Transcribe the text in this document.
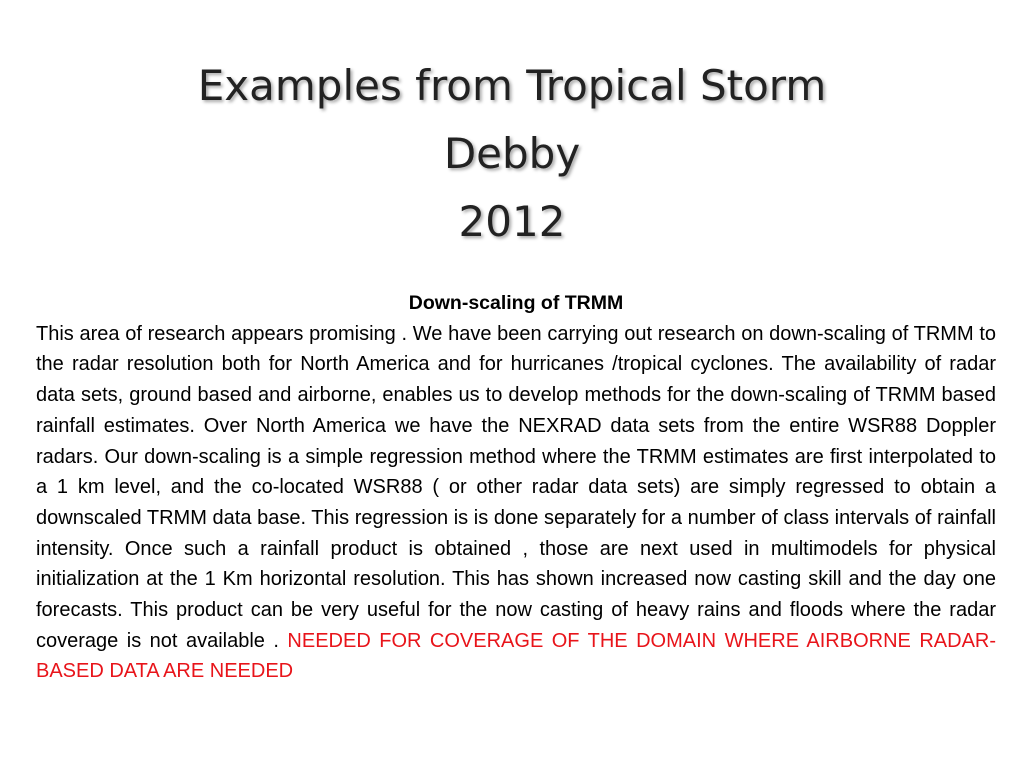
Examples from Tropical Storm
Debby
2012
Down-scaling of TRMM
This area of research appears promising . We have been carrying out research on down-scaling of TRMM to the radar resolution both for North America and for hurricanes /tropical cyclones. The availability of radar data sets, ground based and airborne, enables us to develop methods for the down-scaling of TRMM based rainfall estimates. Over North America we have the NEXRAD data sets from the entire WSR88 Doppler radars. Our down-scaling is a simple regression method where the TRMM estimates are first interpolated to a 1 km level, and the co-located WSR88 ( or other radar data sets) are simply regressed to obtain a downscaled TRMM data base. This regression is is done separately for a number of class intervals of rainfall intensity. Once such a rainfall product is obtained , those are next used in multimodels for physical initialization at the 1 Km horizontal resolution. This has shown increased now casting skill and the day one forecasts. This product can be very useful for the now casting of heavy rains and floods where the radar coverage is not available . NEEDED FOR COVERAGE OF THE DOMAIN WHERE AIRBORNE RADAR-BASED DATA ARE NEEDED
